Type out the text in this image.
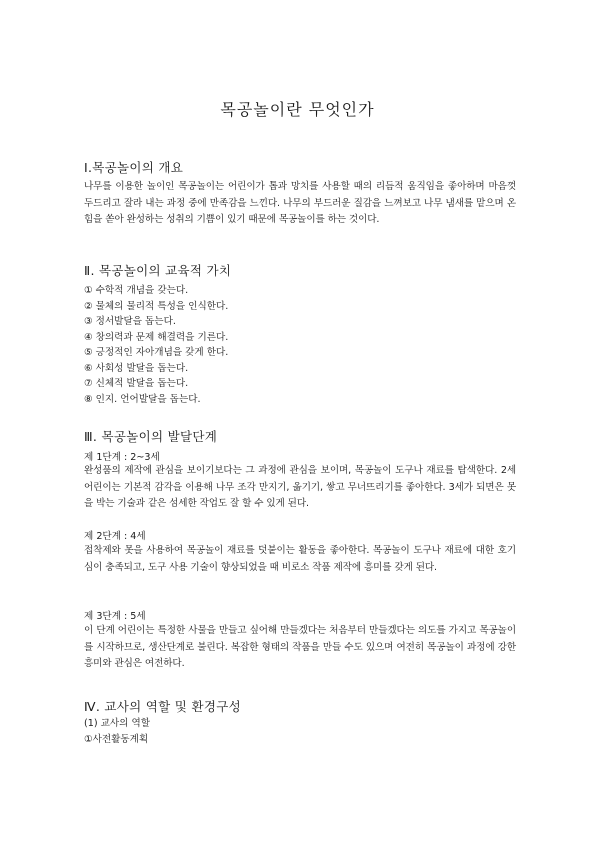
목공놀이란 무엇인가
Ⅰ.목공놀이의 개요
나무를 이용한 놀이인 목공놀이는 어린이가 톱과 망치를 사용할 때의 리듬적 움직임을 좋아하며 마음껏 두드리고 잘라 내는 과정 중에 만족감을 느낀다. 나무의 부드러운 질감을 느껴보고 나무 냄새를 맡으며 온 힘을 쏟아 완성하는 성취의 기쁨이 있기 때문에 목공놀이를 하는 것이다.
Ⅱ. 목공놀이의 교육적 가치
① 수학적 개념을 갖는다.
② 물체의 물리적 특성을 인식한다.
③ 정서발달을 돕는다.
④ 창의력과 문제 해결력을 기른다.
⑤ 긍정적인 자아개념을 갖게 한다.
⑥ 사회성 발달을 돕는다.
⑦ 신체적 발달을 돕는다.
⑧ 인지. 언어발달을 돕는다.
Ⅲ. 목공놀이의 발달단계
제 1단계 : 2~3세
완성품의 제작에 관심을 보이기보다는 그 과정에 관심을 보이며, 목공놀이 도구나 재료를 탐색한다. 2세 어린이는 기본적 감각을 이용해 나무 조각 만지기, 옮기기, 쌓고 무너뜨리기를 좋아한다. 3세가 되면은 못을 박는 기술과 같은 섬세한 작업도 잘 할 수 있게 된다.
제 2단계 : 4세
접착제와 못을 사용하여 목공놀이 재료를 덧붙이는 활동을 좋아한다. 목공놀이 도구나 재료에 대한 호기심이 충족되고, 도구 사용 기술이 향상되었을 때 비로소 작품 제작에 흥미를 갖게 된다.
제 3단계 : 5세
이 단계 어린이는 특정한 사물을 만들고 싶어해 만들겠다는 처음부터 만들겠다는 의도를 가지고 목공놀이를 시작하므로, 생산단계로 불린다. 복잡한 형태의 작품을 만들 수도 있으며 여전히 목공놀이 과정에 강한 흥미와 관심은 여전하다.
Ⅳ. 교사의 역할 및 환경구성
(1) 교사의 역할
①사전활동계획
